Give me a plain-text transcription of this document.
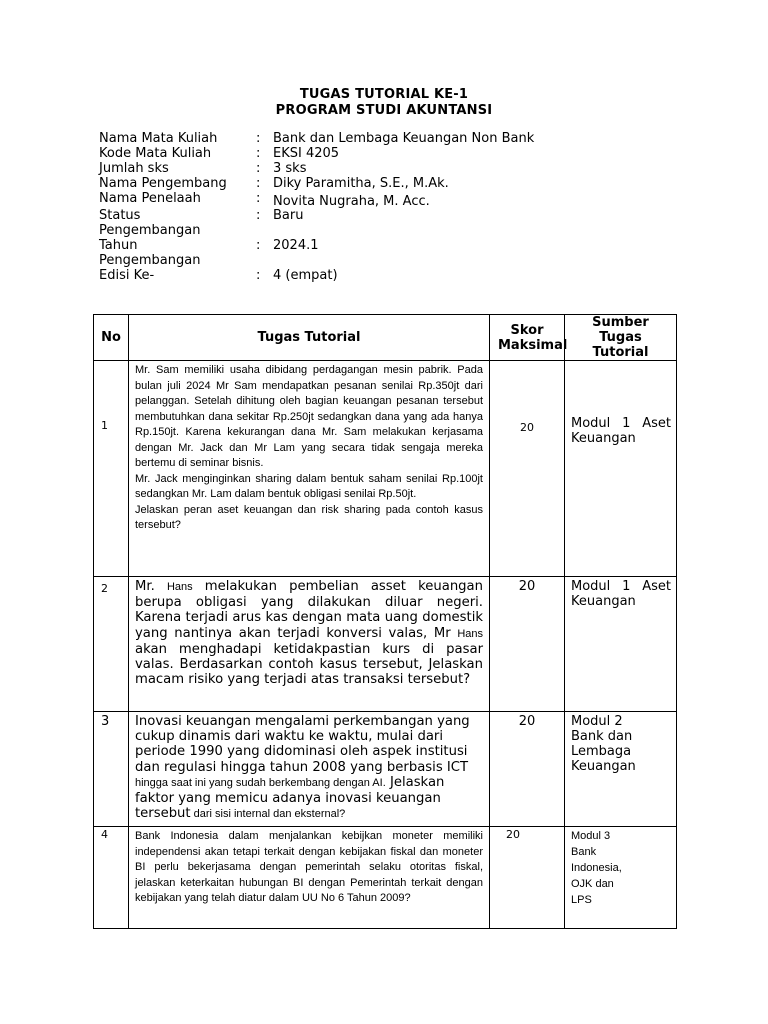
TUGAS TUTORIAL KE-1
PROGRAM STUDI AKUNTANSI
Nama Mata Kuliah	: Bank dan Lembaga Keuangan Non Bank
Kode Mata Kuliah	: EKSI 4205
Jumlah sks	: 3 sks
Nama Pengembang	: Diky Paramitha, S.E., M.Ak.
Nama Penelaah	: Novita Nugraha, M. Acc.
Status Pengembangan
: Baru
Tahun Pengembangan
: 2024.1
Edisi Ke-	: 4 (empat)
No	Tugas Tutorial	Skor Maksimal	Sumber Tugas Tutorial
1	Mr. Sam memiliki usaha dibidang perdagangan mesin pabrik. Pada bulan juli 2024 Mr Sam mendapatkan pesanan senilai Rp.350jt dari pelanggan. Setelah dihitung oleh bagian keuangan pesanan tersebut membutuhkan dana sekitar Rp.250jt sedangkan dana yang ada hanya Rp.150jt. Karena kekurangan dana Mr. Sam melakukan kerjasama dengan Mr. Jack dan Mr Lam yang secara tidak sengaja mereka bertemu di seminar bisnis.

Mr. Jack menginginkan sharing dalam bentuk saham senilai Rp.100jt sedangkan Mr. Lam dalam bentuk obligasi senilai Rp.50jt.

Jelaskan peran aset keuangan dan risk sharing pada contoh kasus tersebut?	20	Modul 1 Aset Keuangan
2	Mr. Hans melakukan pembelian asset keuangan berupa obligasi yang dilakukan diluar negeri. Karena terjadi arus kas dengan mata uang domestik yang nantinya akan terjadi konversi valas, Mr Hans akan menghadapi ketidakpastian kurs di pasar valas. Berdasarkan contoh kasus tersebut, Jelaskan macam risiko yang terjadi atas transaksi tersebut?	20	Modul 1 Aset Keuangan
3	Inovasi keuangan mengalami perkembangan yang cukup dinamis dari waktu ke waktu, mulai dari periode 1990 yang didominasi oleh aspek institusi dan regulasi hingga tahun 2008 yang berbasis ICT hingga saat ini yang sudah berkembang dengan AI. Jelaskan faktor yang memicu adanya inovasi keuangan tersebut dari sisi internal dan eksternal?	20	Modul 2 Bank dan Lembaga Keuangan
4	Bank Indonesia dalam menjalankan kebijkan moneter memiliki independensi akan tetapi terkait dengan kebijakan fiskal dan moneter BI perlu bekerjasama dengan pemerintah selaku otoritas fiskal, jelaskan keterkaitan hubungan BI dengan Pemerintah terkait dengan kebijakan yang telah diatur dalam UU No 6 Tahun 2009?	20	Modul 3 Bank Indonesia, OJK dan LPS
